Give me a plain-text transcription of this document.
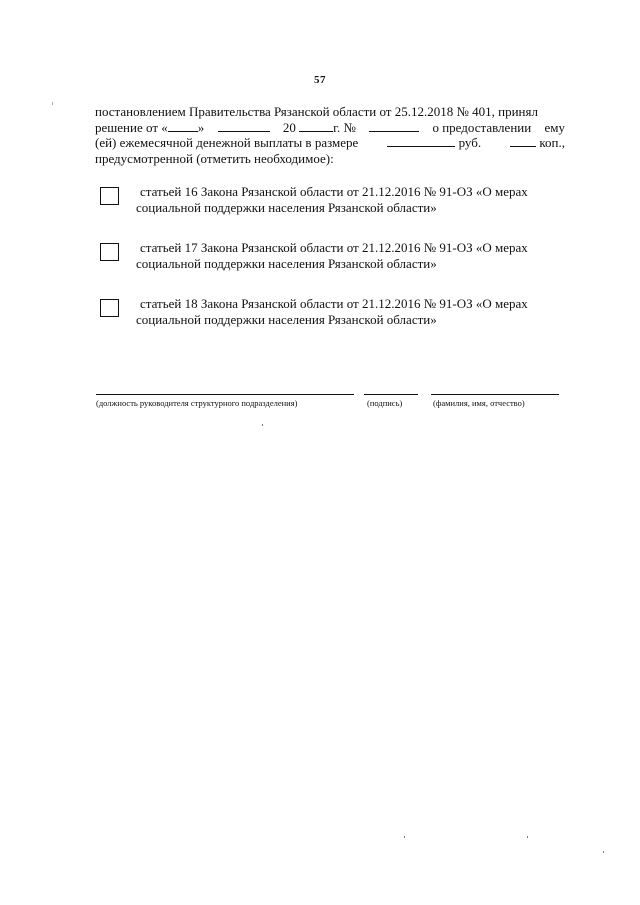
57
постановлением Правительства Рязанской области от 25.12.2018 № 401, принял
решение от « »	20	г. №	о предоставлении ему
(ей) ежемесячной денежной выплаты в размере	руб.	коп.,
предусмотренной (отметить необходимое):
статьей 16 Закона Рязанской области от 21.12.2016 № 91-ОЗ «О мерах
социальной поддержки населения Рязанской области»
статьей 17 Закона Рязанской области от 21.12.2016 № 91-ОЗ «О мерах
социальной поддержки населения Рязанской области»
статьей 18 Закона Рязанской области от 21.12.2016 № 91-ОЗ «О мерах
социальной поддержки населения Рязанской области»
(должность руководителя структурного подразделения)	(подпись)	(фамилия, имя, отчество)
